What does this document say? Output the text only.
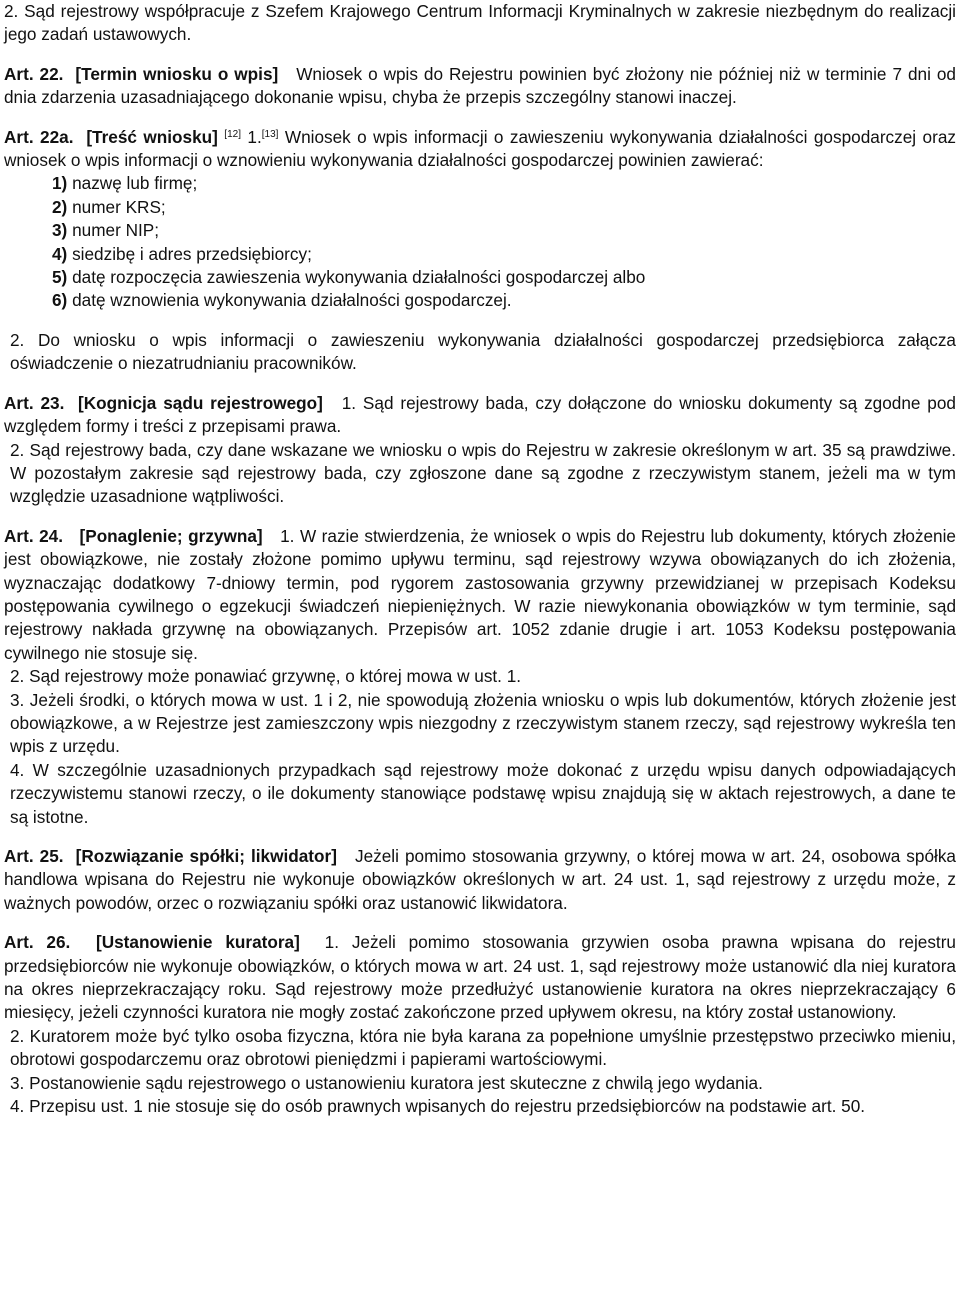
2. Sąd rejestrowy współpracuje z Szefem Krajowego Centrum Informacji Kryminalnych w zakresie niezbędnym do realizacji jego zadań ustawowych.

Art. 22. [Termin wniosku o wpis] Wniosek o wpis do Rejestru powinien być złożony nie później niż w terminie 7 dni od dnia zdarzenia uzasadniającego dokonanie wpisu, chyba że przepis szczególny stanowi inaczej.

Art. 22a. [Treść wniosku] [12] 1.[13] Wniosek o wpis informacji o zawieszeniu wykonywania działalności gospodarczej oraz wniosek o wpis informacji o wznowieniu wykonywania działalności gospodarczej powinien zawierać:

1) nazwę lub firmę;
2) numer KRS;
3) numer NIP;
4) siedzibę i adres przedsiębiorcy;
5) datę rozpoczęcia zawieszenia wykonywania działalności gospodarczej albo
6) datę wznowienia wykonywania działalności gospodarczej.

2. Do wniosku o wpis informacji o zawieszeniu wykonywania działalności gospodarczej przedsiębiorca załącza oświadczenie o niezatrudnianiu pracowników.

Art. 23. [Kognicja sądu rejestrowego] 1. Sąd rejestrowy bada, czy dołączone do wniosku dokumenty są zgodne pod względem formy i treści z przepisami prawa.

2. Sąd rejestrowy bada, czy dane wskazane we wniosku o wpis do Rejestru w zakresie określonym w art. 35 są prawdziwe. W pozostałym zakresie sąd rejestrowy bada, czy zgłoszone dane są zgodne z rzeczywistym stanem, jeżeli ma w tym względzie uzasadnione wątpliwości.

Art. 24. [Ponaglenie; grzywna] 1. W razie stwierdzenia, że wniosek o wpis do Rejestru lub dokumenty, których złożenie jest obowiązkowe, nie zostały złożone pomimo upływu terminu, sąd rejestrowy wzywa obowiązanych do ich złożenia, wyznaczając dodatkowy 7-dniowy termin, pod rygorem zastosowania grzywny przewidzianej w przepisach Kodeksu postępowania cywilnego o egzekucji świadczeń niepieniężnych. W razie niewykonania obowiązków w tym terminie, sąd rejestrowy nakłada grzywnę na obowiązanych. Przepisów art. 1052 zdanie drugie i art. 1053 Kodeksu postępowania cywilnego nie stosuje się.

2. Sąd rejestrowy może ponawiać grzywnę, o której mowa w ust. 1.

3. Jeżeli środki, o których mowa w ust. 1 i 2, nie spowodują złożenia wniosku o wpis lub dokumentów, których złożenie jest obowiązkowe, a w Rejestrze jest zamieszczony wpis niezgodny z rzeczywistym stanem rzeczy, sąd rejestrowy wykreśla ten wpis z urzędu.

4. W szczególnie uzasadnionych przypadkach sąd rejestrowy może dokonać z urzędu wpisu danych odpowiadających rzeczywistemu stanowi rzeczy, o ile dokumenty stanowiące podstawę wpisu znajdują się w aktach rejestrowych, a dane te są istotne.

Art. 25. [Rozwiązanie spółki; likwidator] Jeżeli pomimo stosowania grzywny, o której mowa w art. 24, osobowa spółka handlowa wpisana do Rejestru nie wykonuje obowiązków określonych w art. 24 ust. 1, sąd rejestrowy z urzędu może, z ważnych powodów, orzec o rozwiązaniu spółki oraz ustanowić likwidatora.

Art. 26. [Ustanowienie kuratora] 1. Jeżeli pomimo stosowania grzywien osoba prawna wpisana do rejestru przedsiębiorców nie wykonuje obowiązków, o których mowa w art. 24 ust. 1, sąd rejestrowy może ustanowić dla niej kuratora na okres nieprzekraczający roku. Sąd rejestrowy może przedłużyć ustanowienie kuratora na okres nieprzekraczający 6 miesięcy, jeżeli czynności kuratora nie mogły zostać zakończone przed upływem okresu, na który został ustanowiony.

2. Kuratorem może być tylko osoba fizyczna, która nie była karana za popełnione umyślnie przestępstwo przeciwko mieniu, obrotowi gospodarczemu oraz obrotowi pieniędzmi i papierami wartościowymi.

3. Postanowienie sądu rejestrowego o ustanowieniu kuratora jest skuteczne z chwilą jego wydania.

4. Przepisu ust. 1 nie stosuje się do osób prawnych wpisanych do rejestru przedsiębiorców na podstawie art. 50.
